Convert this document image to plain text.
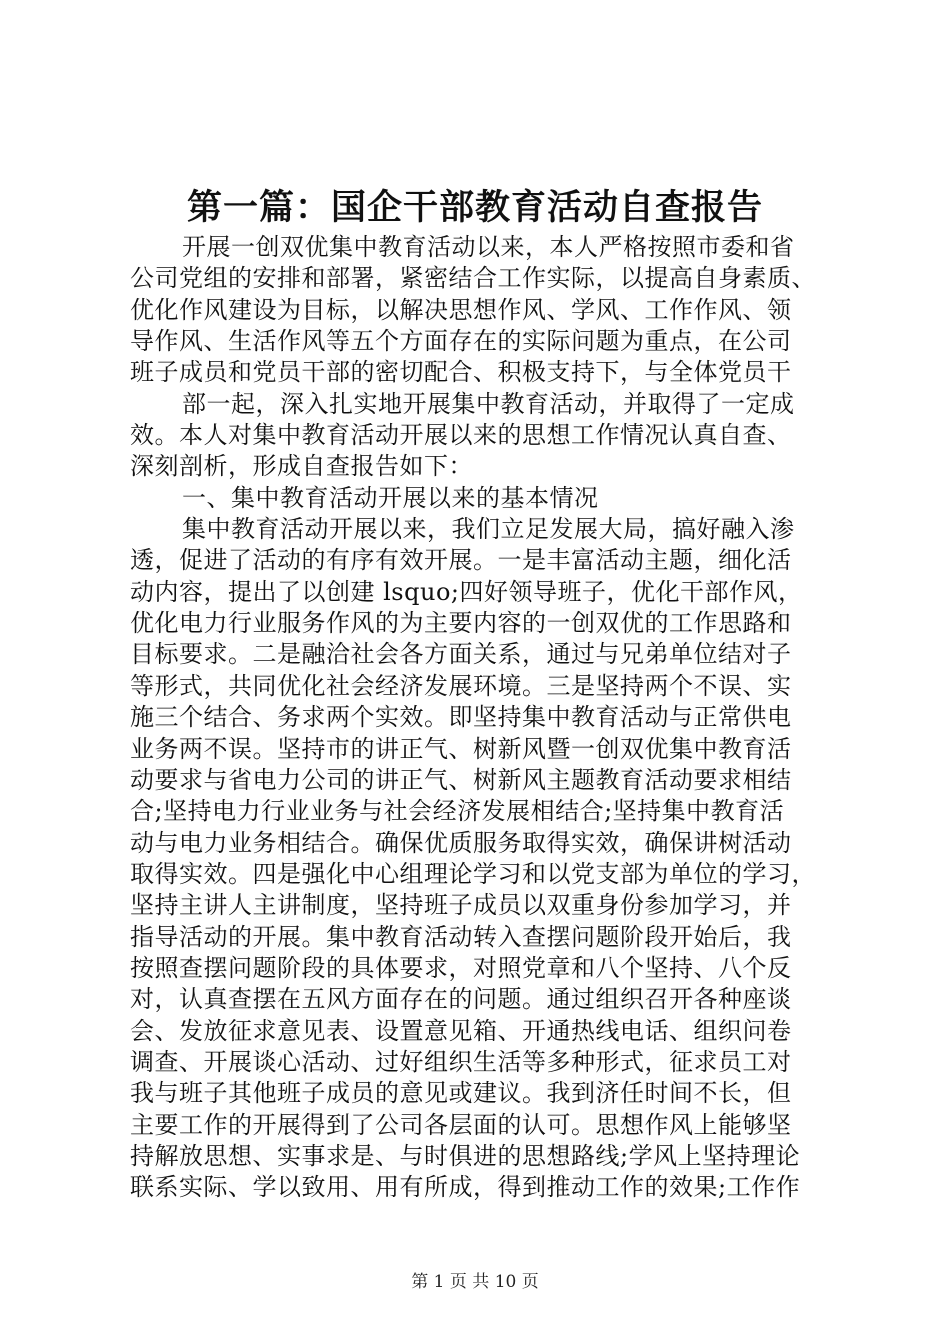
第一篇：国企干部教育活动自查报告
开展一创双优集中教育活动以来，本人严格按照市委和省
公司党组的安排和部署，紧密结合工作实际，以提高自身素质、
优化作风建设为目标，以解决思想作风、学风、工作作风、领
导作风、生活作风等五个方面存在的实际问题为重点，在公司
班子成员和党员干部的密切配合、积极支持下，与全体党员干
部一起，深入扎实地开展集中教育活动，并取得了一定成
效。本人对集中教育活动开展以来的思想工作情况认真自查、
深刻剖析，形成自查报告如下：
一、集中教育活动开展以来的基本情况
集中教育活动开展以来，我们立足发展大局，搞好融入渗
透，促进了活动的有序有效开展。一是丰富活动主题，细化活
动内容，提出了以创建 lsquo;四好领导班子，优化干部作风，
优化电力行业服务作风的为主要内容的一创双优的工作思路和
目标要求。二是融洽社会各方面关系，通过与兄弟单位结对子
等形式，共同优化社会经济发展环境。三是坚持两个不误、实
施三个结合、务求两个实效。即坚持集中教育活动与正常供电
业务两不误。坚持市的讲正气、树新风暨一创双优集中教育活
动要求与省电力公司的讲正气、树新风主题教育活动要求相结
合;坚持电力行业业务与社会经济发展相结合;坚持集中教育活
动与电力业务相结合。确保优质服务取得实效，确保讲树活动
取得实效。四是强化中心组理论学习和以党支部为单位的学习，
坚持主讲人主讲制度，坚持班子成员以双重身份参加学习，并
指导活动的开展。集中教育活动转入查摆问题阶段开始后，我
按照查摆问题阶段的具体要求，对照党章和八个坚持、八个反
对，认真查摆在五风方面存在的问题。通过组织召开各种座谈
会、发放征求意见表、设置意见箱、开通热线电话、组织问卷
调查、开展谈心活动、过好组织生活等多种形式，征求员工对
我与班子其他班子成员的意见或建议。我到济任时间不长，但
主要工作的开展得到了公司各层面的认可。思想作风上能够坚
持解放思想、实事求是、与时俱进的思想路线;学风上坚持理论
联系实际、学以致用、用有所成，得到推动工作的效果;工作作
第 1 页 共 10 页
